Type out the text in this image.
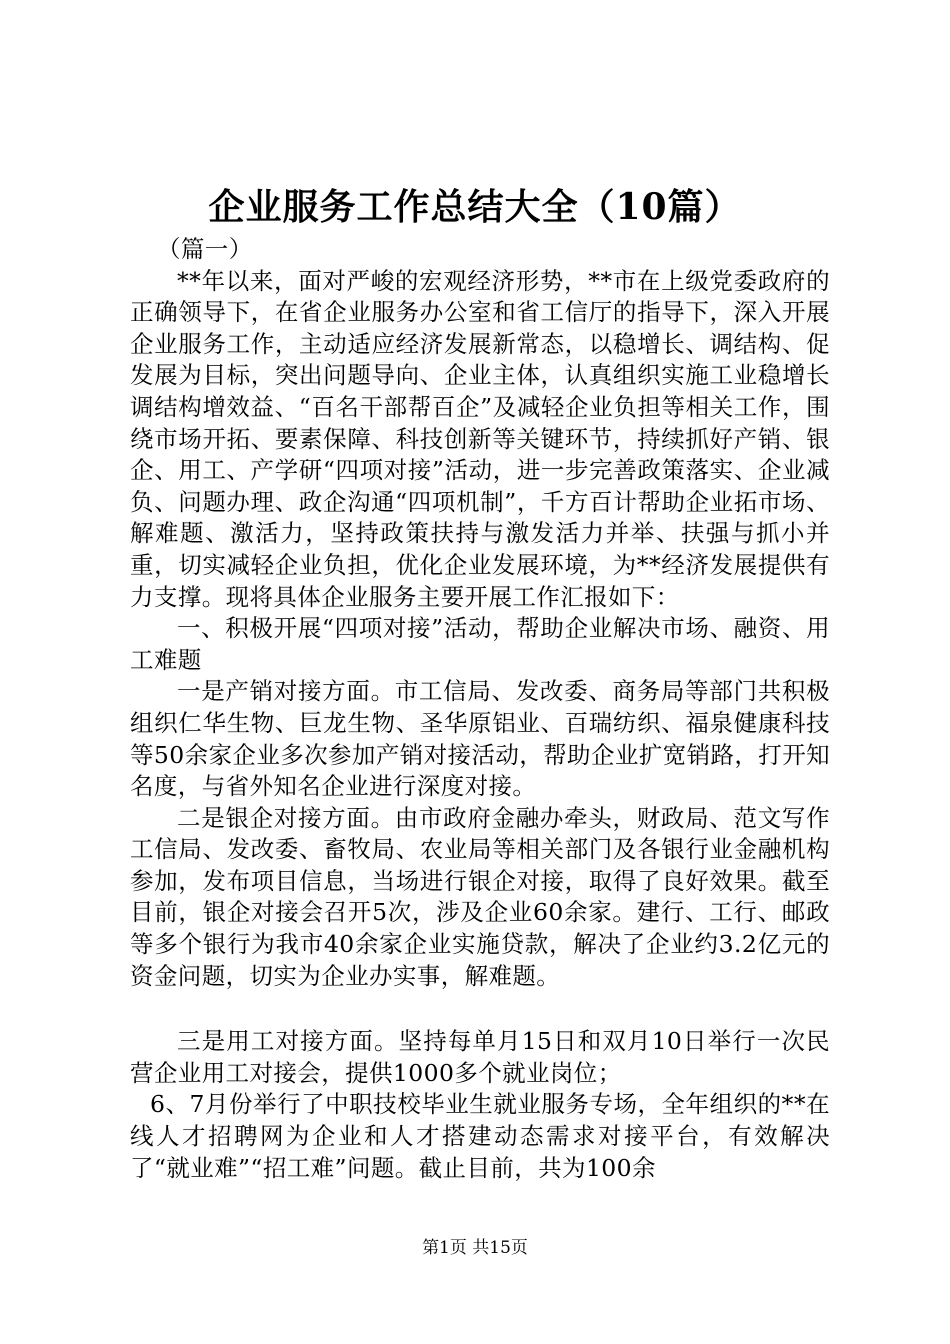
企业服务工作总结大全（10篇）

（篇一）

**年以来，面对严峻的宏观经济形势，**市在上级党委政府的正确领导下，在省企业服务办公室和省工信厅的指导下，深入开展企业服务工作，主动适应经济发展新常态，以稳增长、调结构、促发展为目标，突出问题导向、企业主体，认真组织实施工业稳增长调结构增效益、“百名干部帮百企”及减轻企业负担等相关工作，围绕市场开拓、要素保障、科技创新等关键环节，持续抓好产销、银企、用工、产学研“四项对接”活动，进一步完善政策落实、企业减负、问题办理、政企沟通“四项机制”，千方百计帮助企业拓市场、解难题、激活力，坚持政策扶持与激发活力并举、扶强与抓小并重，切实减轻企业负担，优化企业发展环境，为**经济发展提供有力支撑。现将具体企业服务主要开展工作汇报如下：

一、积极开展“四项对接”活动，帮助企业解决市场、融资、用工难题

一是产销对接方面。市工信局、发改委、商务局等部门共积极组织仁华生物、巨龙生物、圣华原铝业、百瑞纺织、福泉健康科技等50余家企业多次参加产销对接活动，帮助企业扩宽销路，打开知名度，与省外知名企业进行深度对接。

二是银企对接方面。由市政府金融办牵头，财政局、范文写作工信局、发改委、畜牧局、农业局等相关部门及各银行业金融机构参加，发布项目信息，当场进行银企对接，取得了良好效果。截至目前，银企对接会召开5次，涉及企业60余家。建行、工行、邮政等多个银行为我市40余家企业实施贷款，解决了企业约3.2亿元的资金问题，切实为企业办实事，解难题。

三是用工对接方面。坚持每单月15日和双月10日举行一次民营企业用工对接会，提供1000多个就业岗位；

6、7月份举行了中职技校毕业生就业服务专场，全年组织的**在线人才招聘网为企业和人才搭建动态需求对接平台，有效解决了“就业难”“招工难”问题。截止目前，共为100余

第1页 共15页
